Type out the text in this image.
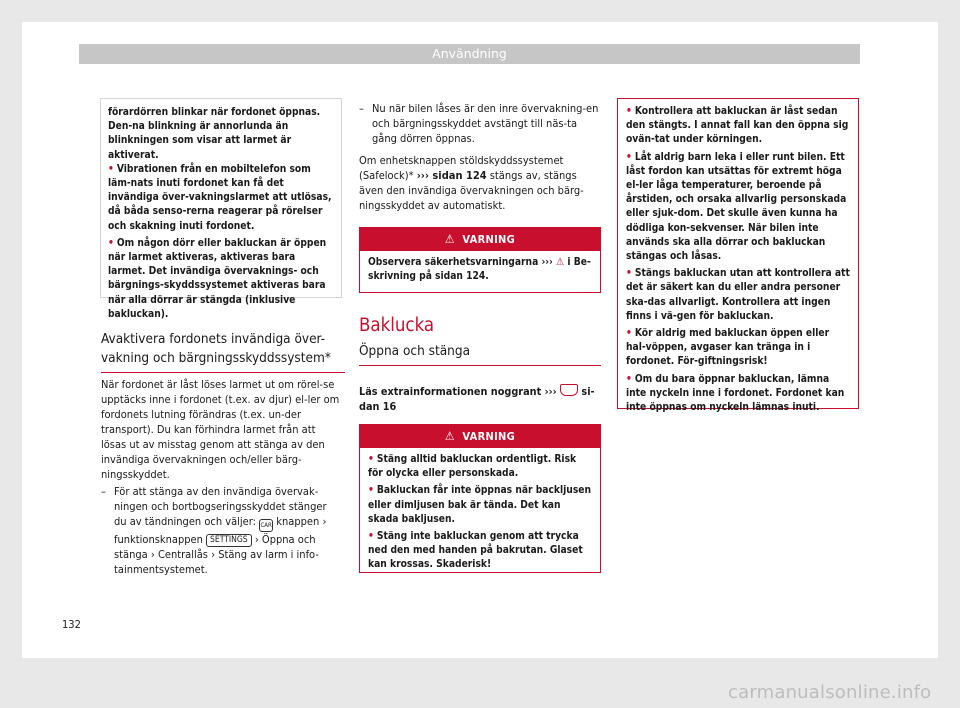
Användning
förardörren blinkar när fordonet öppnas. Den-na blinkning är annorlunda än blinkningen som visar att larmet är aktiverat.
• Vibrationen från en mobiltelefon som läm-nats inuti fordonet kan få det invändiga över-vakningslarmet att utlösas, då båda senso-rerna reagerar på rörelser och skakning inuti fordonet.
• Om någon dörr eller bakluckan är öppen när larmet aktiveras, aktiveras bara larmet. Det invändiga övervaknings- och bärgnings-skyddssystemet aktiveras bara när alla dörrar är stängda (inklusive bakluckan).
Avaktivera fordonets invändiga över-
vakning och bärgningsskyddssystem*
När fordonet är låst löses larmet ut om rörel-se upptäcks inne i fordonet (t.ex. av djur) el-ler om fordonets lutning förändras (t.ex. un-der transport). Du kan förhindra larmet från att lösas ut av misstag genom att stänga av den invändiga övervakningen och/eller bärg-ningsskyddet.
– För att stänga av den invändiga övervak-ningen och bortbogseringsskyddet stänger du av tändningen och väljer: CAR knappen › funktionsknappen SETTINGS › Öppna och stänga › Centrallås › Stäng av larm i info-tainmentsystemet.
– Nu när bilen låses är den inre övervakning-en och bärgningsskyddet avstängt till näs-ta gång dörren öppnas.
Om enhetsknappen stöldskyddssystemet (Safelock)* ››› sidan 124 stängs av, stängs även den invändiga övervakningen och bärg-ningsskyddet av automatiskt.
⚠ VARNING
Observera säkerhetsvarningarna ››› ⚠ i Be-skrivning på sidan 124.
Baklucka
Öppna och stänga
Läs extrainformationen noggrant ››› si-dan 16
⚠ VARNING
• Stäng alltid bakluckan ordentligt. Risk för olycka eller personskada.
• Bakluckan får inte öppnas när backljusen eller dimljusen bak är tända. Det kan skada bakljusen.
• Stäng inte bakluckan genom att trycka ned den med handen på bakrutan. Glaset kan krossas. Skaderisk!
• Kontrollera att bakluckan är låst sedan den stängts. I annat fall kan den öppna sig ovän-tat under körningen.
• Låt aldrig barn leka i eller runt bilen. Ett låst fordon kan utsättas för extremt höga el-ler låga temperaturer, beroende på årstiden, och orsaka allvarlig personskada eller sjuk-dom. Det skulle även kunna ha dödliga kon-sekvenser. När bilen inte används ska alla dörrar och bakluckan stängas och låsas.
• Stängs bakluckan utan att kontrollera att det är säkert kan du eller andra personer ska-das allvarligt. Kontrollera att ingen finns i vä-gen för bakluckan.
• Kör aldrig med bakluckan öppen eller hal-vöppen, avgaser kan tränga in i fordonet. För-giftningsrisk!
• Om du bara öppnar bakluckan, lämna inte nyckeln inne i fordonet. Fordonet kan inte öppnas om nyckeln lämnas inuti.
132
carmanualsonline.info
